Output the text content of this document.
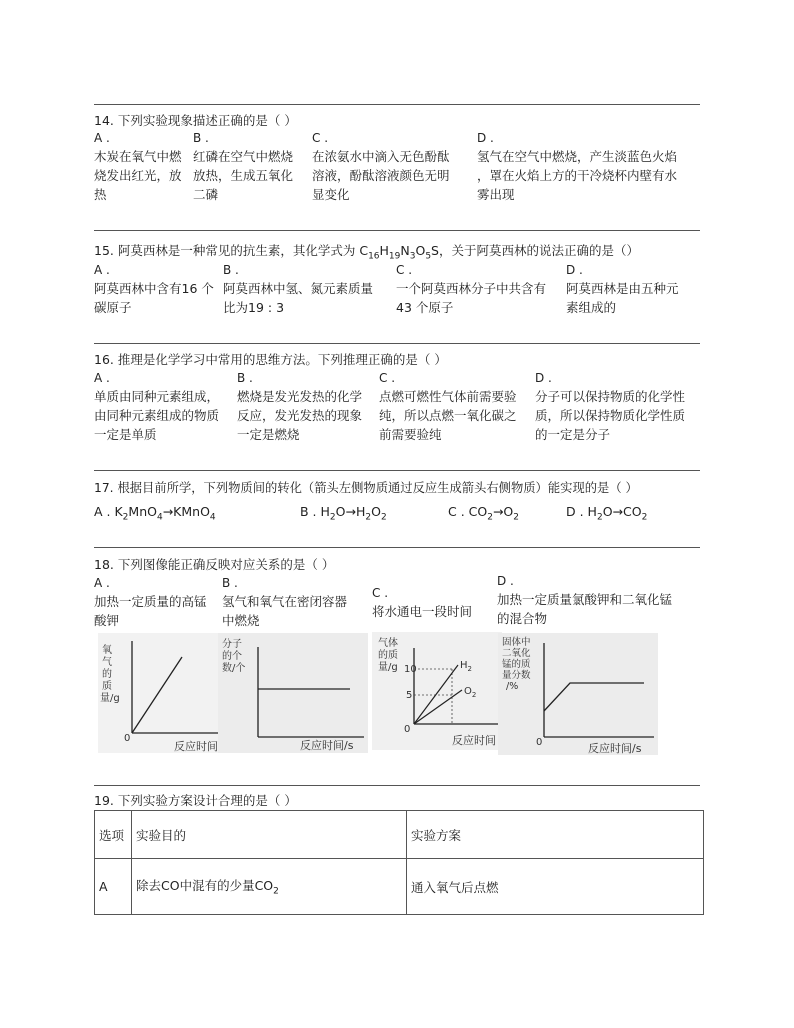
14. 下列实验现象描述正确的是（ ）
A .
木炭在氧气中燃
烧发出红光，放
热
B .
红磷在空气中燃烧
放热，生成五氧化
二磷
C .
在浓氨水中滴入无色酚酞
溶液，酚酞溶液颜色无明
显变化
D .
氢气在空气中燃烧，产生淡蓝色火焰
，罩在火焰上方的干冷烧杯内壁有水
雾出现
15. 阿莫西林是一种常见的抗生素，其化学式为 $C_{16}H_{19}N_3O_5S$，关于阿莫西林的说法正确的是（）
A .
阿莫西林中含有16 个
碳原子
B .
阿莫西林中氢、氮元素质量
比为19 : 3
C .
一个阿莫西林分子中共含有
43 个原子
D .
阿莫西林是由五种元
素组成的
16. 推理是化学学习中常用的思维方法。下列推理正确的是（ ）
A .
单质由同种元素组成，
由同种元素组成的物质
一定是单质
B .
燃烧是发光发热的化学
反应，发光发热的现象
一定是燃烧
C .
点燃可燃性气体前需要验
纯，所以点燃一氧化碳之
前需要验纯
D .
分子可以保持物质的化学性
质，所以保持物质化学性质
的一定是分子
17. 根据目前所学，下列物质间的转化（箭头左侧物质通过反应生成箭头右侧物质）能实现的是（ ）
A . $K_2MnO_4\to KMnO_4$	B . $H_2O\to H_2O_2$	C . $CO_2\to O_2$	D . $H_2O\to CO_2$
18. 下列图像能正确反映对应关系的是（ ）
A .
加热一定质量的高锰
酸钾
B .
氢气和氧气在密闭容器
中燃烧
C .
将水通电一段时间
D .
加热一定质量氯酸钾和二氧化锰
的混合物
氧
气
的
质
量/g
0
反应时间
分子
的个
数/个
反应时间/s
气体
的质
量/g 10
5
$H_2$
$O_2$
0
反应时间
固体中
二氧化
锰的质
量分数
/%
0	反应时间/s
19. 下列实验方案设计合理的是（ ）
选项	实验目的	实验方案
A	除去CO中混有的少量$CO_2$	通入氧气后点燃
